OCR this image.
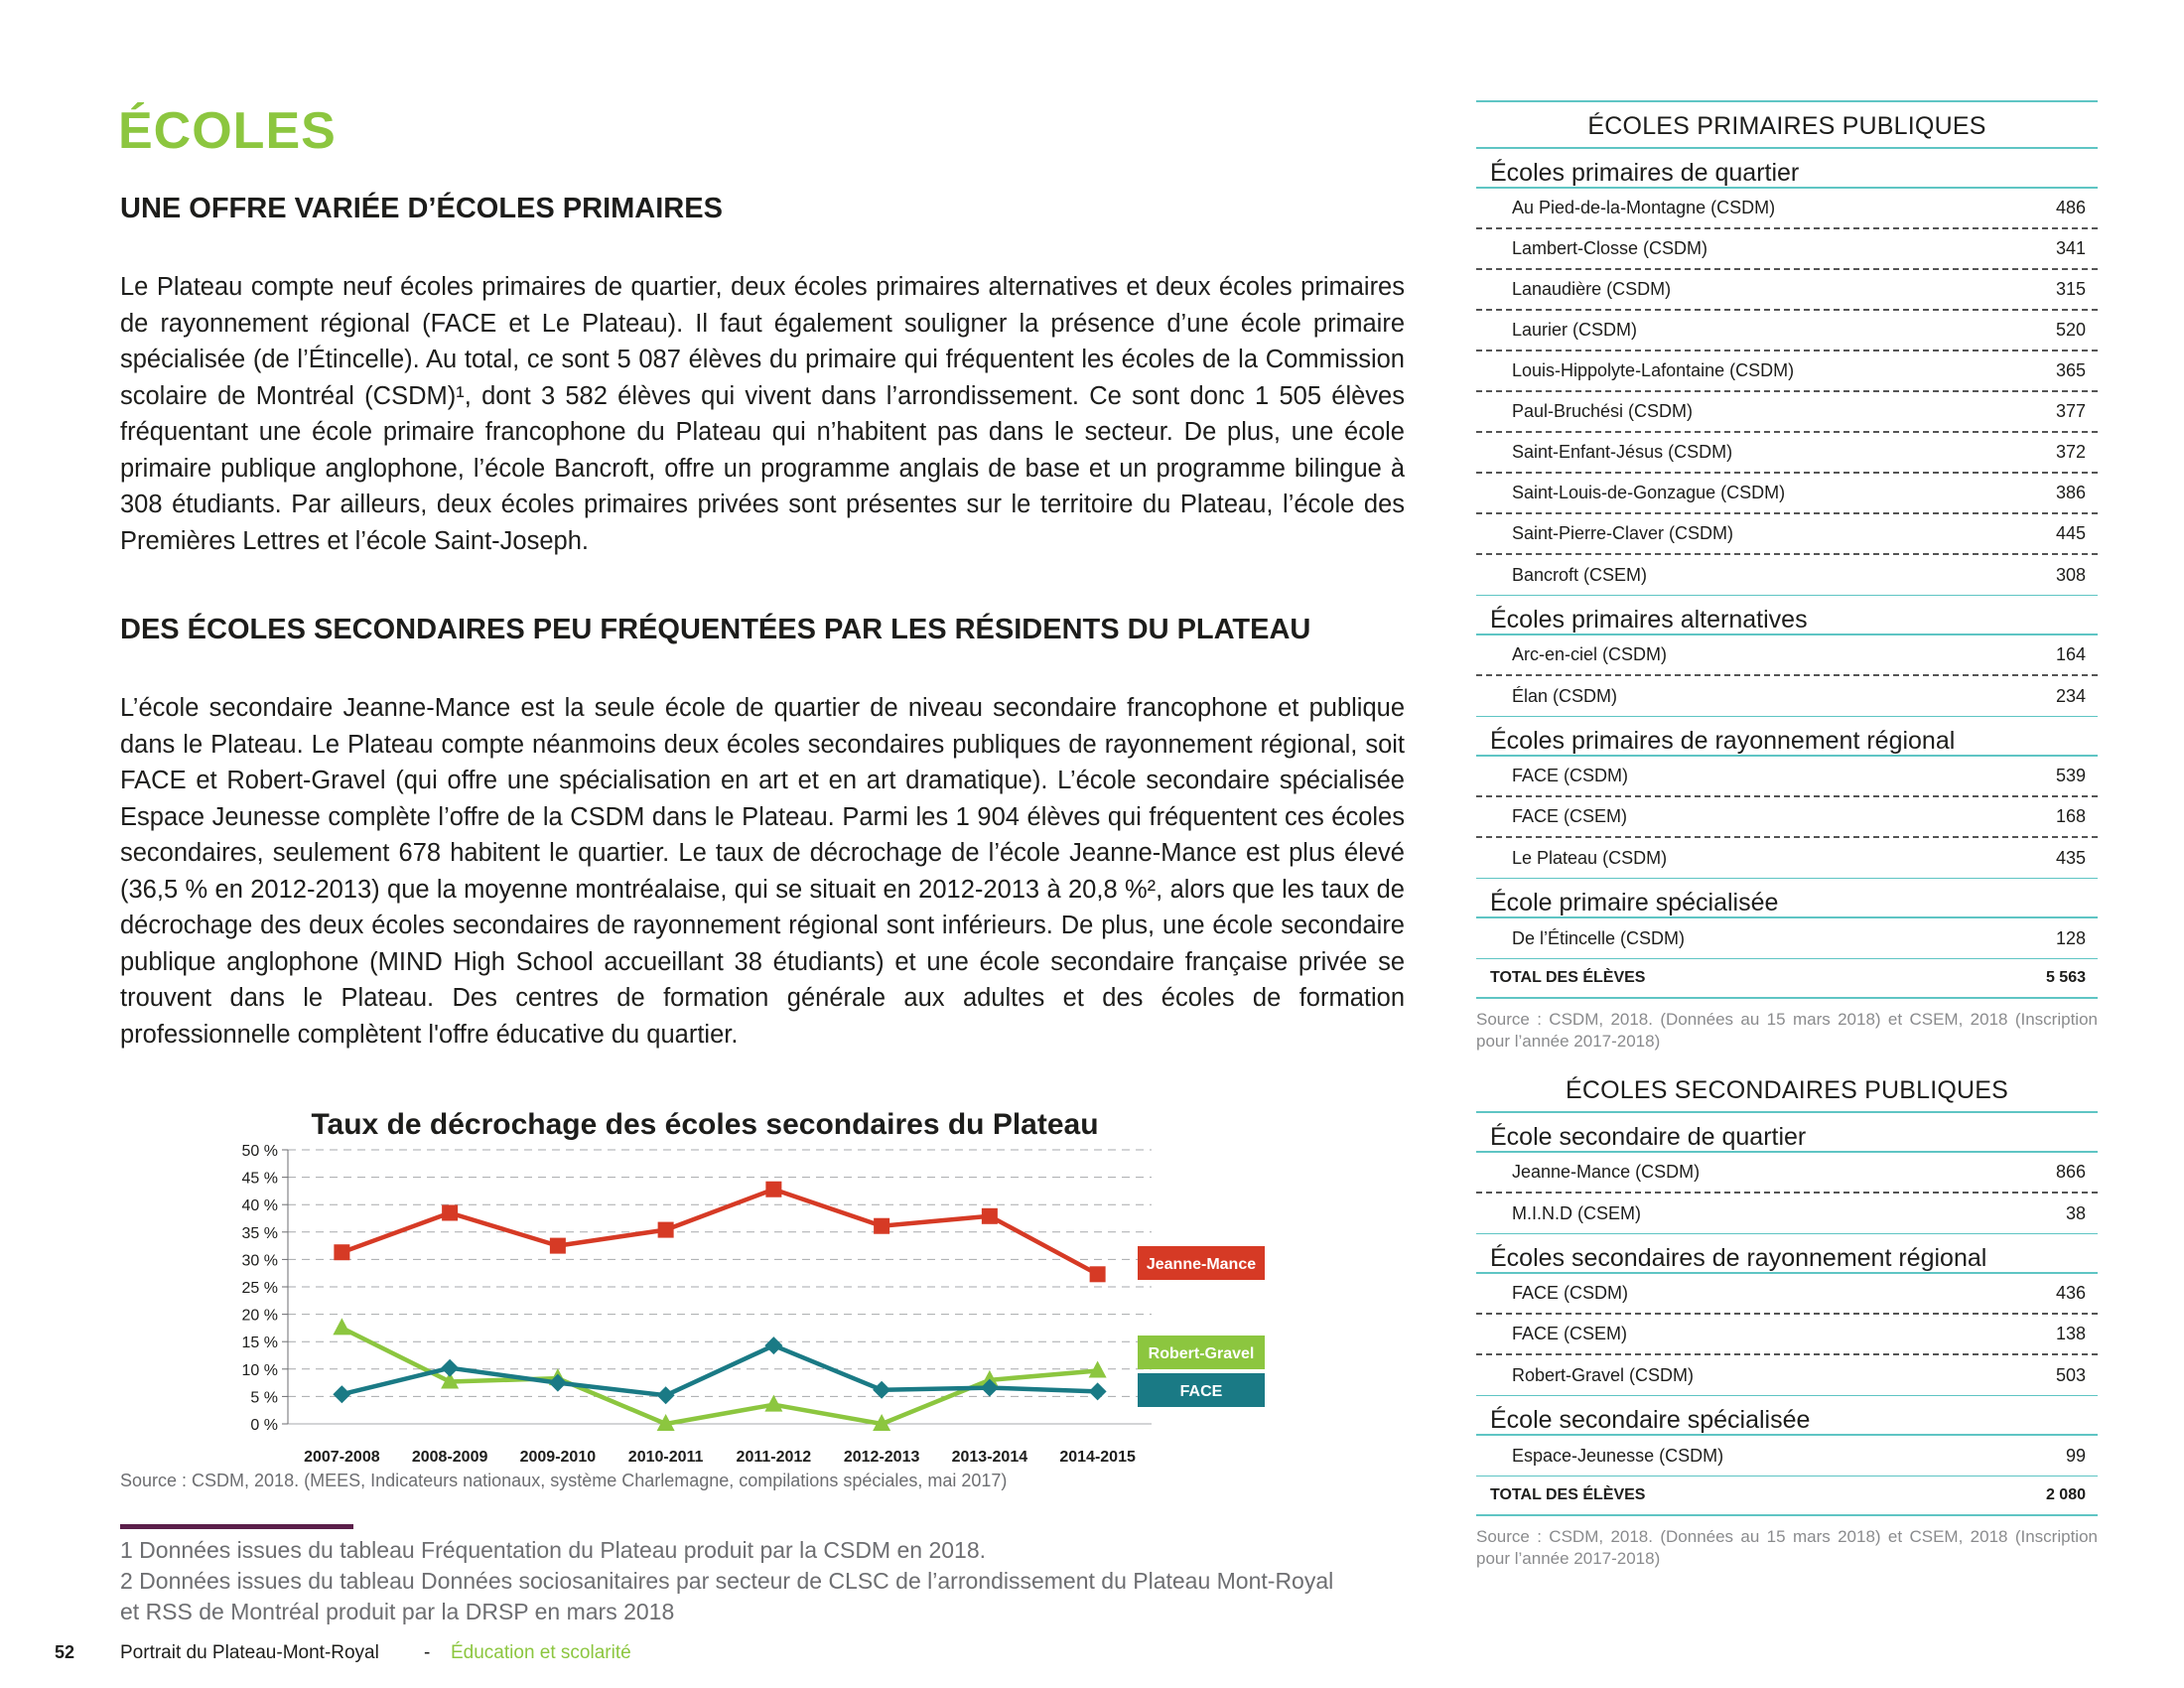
ÉCOLES
UNE OFFRE VARIÉE D’ÉCOLES PRIMAIRES

Le Plateau compte neuf écoles primaires de quartier, deux écoles primaires alternatives et deux écoles primaires de rayonnement régional (FACE et Le Plateau). Il faut également souligner la présence d’une école primaire spécialisée (de l’Étincelle). Au total, ce sont 5 087 élèves du primaire qui fréquentent les écoles de la Commission scolaire de Montréal (CSDM)¹, dont 3 582 élèves qui vivent dans l’arrondissement. Ce sont donc 1 505 élèves fréquentant une école primaire francophone du Plateau qui n’habitent pas dans le secteur. De plus, une école primaire publique anglophone, l’école Bancroft, offre un programme anglais de base et un programme bilingue à 308 étudiants. Par ailleurs, deux écoles primaires privées sont présentes sur le territoire du Plateau, l’école des Premières Lettres et l’école Saint-Joseph.

DES ÉCOLES SECONDAIRES PEU FRÉQUENTÉES PAR LES RÉSIDENTS DU PLATEAU

L’école secondaire Jeanne-Mance est la seule école de quartier de niveau secondaire francophone et publique dans le Plateau. Le Plateau compte néanmoins deux écoles secondaires publiques de rayonnement régional, soit FACE et Robert-Gravel (qui offre une spécialisation en art et en art dramatique). L’école secondaire spécialisée Espace Jeunesse complète l’offre de la CSDM dans le Plateau. Parmi les 1 904 élèves qui fréquentent ces écoles secondaires, seulement 678 habitent le quartier. Le taux de décrochage de l’école Jeanne-Mance est plus élevé (36,5 % en 2012-2013) que la moyenne montréalaise, qui se situait en 2012-2013 à 20,8 %², alors que les taux de décrochage des deux écoles secondaires de rayonnement régional sont inférieurs. De plus, une école secondaire publique anglophone (MIND High School accueillant 38 étudiants) et une école secondaire française privée se trouvent dans le Plateau. Des centres de formation générale aux adultes et des écoles de formation professionnelle complètent l'offre éducative du quartier.

Taux de décrochage des écoles secondaires du Plateau
0 %
5 %
10 %
15 %
20 %
25 %
30 %
35 %
40 %
45 %
50 %
2007-2008 2008-2009 2009-2010 2010-2011 2011-2012 2012-2013 2013-2014 2014-2015
Jeanne-Mance
Robert-Gravel
FACE
Source : CSDM, 2018. (MEES, Indicateurs nationaux, système Charlemagne, compilations spéciales, mai 2017)
1 Données issues du tableau Fréquentation du Plateau produit par la CSDM en 2018.
2 Données issues du tableau Données sociosanitaires par secteur de CLSC de l’arrondissement du Plateau Mont-Royal
et RSS de Montréal produit par la DRSP en mars 2018
52 Portrait du Plateau-Mont-Royal - Éducation et scolarité
ÉCOLES PRIMAIRES PUBLIQUES
Écoles primaires de quartier
Au Pied-de-la-Montagne (CSDM)	486
Lambert-Closse (CSDM)	341
Lanaudière (CSDM)	315
Laurier (CSDM)	520
Louis-Hippolyte-Lafontaine (CSDM)	365
Paul-Bruchési (CSDM)	377
Saint-Enfant-Jésus (CSDM)	372
Saint-Louis-de-Gonzague (CSDM)	386
Saint-Pierre-Claver (CSDM)	445
Bancroft (CSEM)	308
Écoles primaires alternatives
Arc-en-ciel (CSDM)	164
Élan (CSDM)	234
Écoles primaires de rayonnement régional
FACE (CSDM)	539
FACE (CSEM)	168
Le Plateau (CSDM)	435
École primaire spécialisée
De l’Étincelle (CSDM)	128
TOTAL DES ÉLÈVES	5 563
Source : CSDM, 2018. (Données au 15 mars 2018) et CSEM, 2018 (Inscription pour l’année 2017-2018)
ÉCOLES SECONDAIRES PUBLIQUES
École secondaire de quartier
Jeanne-Mance (CSDM)	866
M.I.N.D (CSEM)	38
Écoles secondaires de rayonnement régional
FACE (CSDM)	436
FACE (CSEM)	138
Robert-Gravel (CSDM)	503
École secondaire spécialisée
Espace-Jeunesse (CSDM)	99
TOTAL DES ÉLÈVES	2 080
Source : CSDM, 2018. (Données au 15 mars 2018) et CSEM, 2018 (Inscription pour l’année 2017-2018)
